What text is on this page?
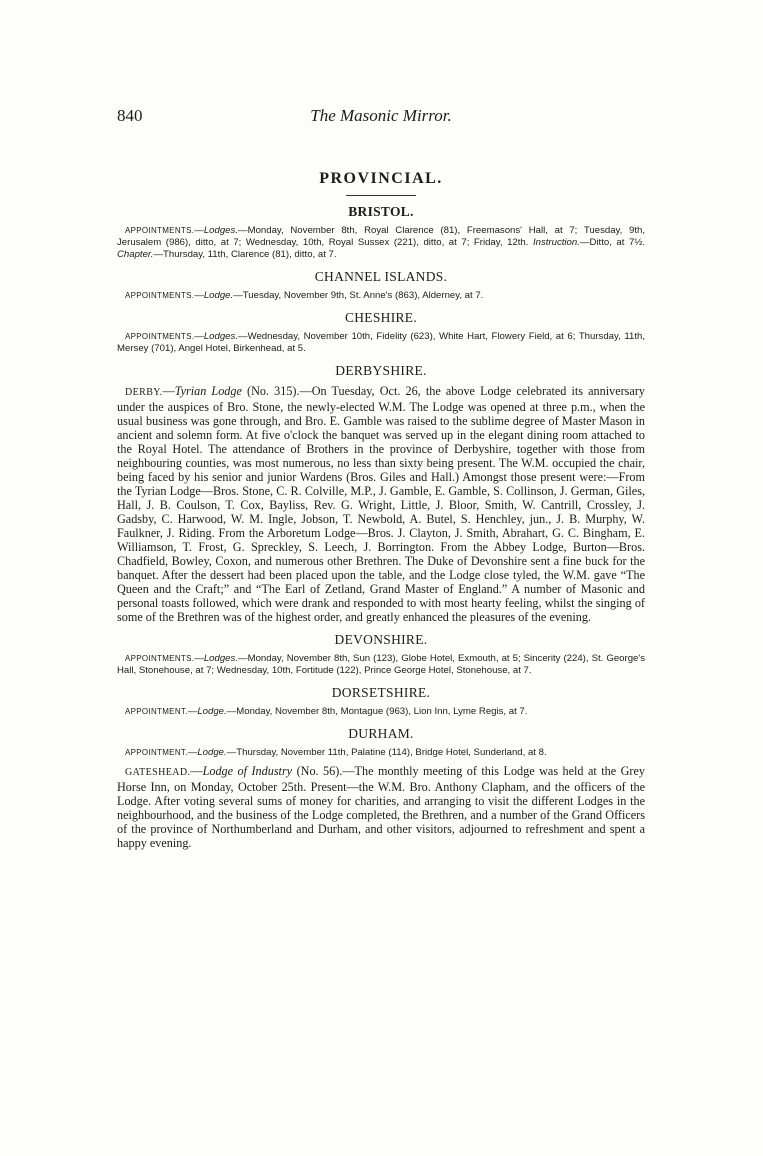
840	The Masonic Mirror.
PROVINCIAL.
BRISTOL.

APPOINTMENTS.—Lodges.—Monday, November 8th, Royal Clarence (81), Freemasons' Hall, at 7; Tuesday, 9th, Jerusalem (986), ditto, at 7; Wednesday, 10th, Royal Sussex (221), ditto, at 7; Friday, 12th. Instruction.—Ditto, at 7½. Chapter.—Thursday, 11th, Clarence (81), ditto, at 7.

CHANNEL ISLANDS.

APPOINTMENTS.—Lodge.—Tuesday, November 9th, St. Anne's (863), Alderney, at 7.

CHESHIRE.

APPOINTMENTS.—Lodges.—Wednesday, November 10th, Fidelity (623), White Hart, Flowery Field, at 6; Thursday, 11th, Mersey (701), Angel Hotel, Birkenhead, at 5.

DERBYSHIRE.

DERBY.—Tyrian Lodge (No. 315).—On Tuesday, Oct. 26, the above Lodge celebrated its anniversary under the auspices of Bro. Stone, the newly-elected W.M. The Lodge was opened at three p.m., when the usual business was gone through, and Bro. E. Gamble was raised to the sublime degree of Master Mason in ancient and solemn form. At five o'clock the banquet was served up in the elegant dining room attached to the Royal Hotel. The attendance of Brothers in the province of Derbyshire, together with those from neighbouring counties, was most numerous, no less than sixty being present. The W.M. occupied the chair, being faced by his senior and junior Wardens (Bros. Giles and Hall.) Amongst those present were:—From the Tyrian Lodge—Bros. Stone, C. R. Colville, M.P., J. Gamble, E. Gamble, S. Collinson, J. German, Giles, Hall, J. B. Coulson, T. Cox, Bayliss, Rev. G. Wright, Little, J. Bloor, Smith, W. Cantrill, Crossley, J. Gadsby, C. Harwood, W. M. Ingle, Jobson, T. Newbold, A. Butel, S. Henchley, jun., J. B. Murphy, W. Faulkner, J. Riding. From the Arboretum Lodge—Bros. J. Clayton, J. Smith, Abrahart, G. C. Bingham, E. Williamson, T. Frost, G. Spreckley, S. Leech, J. Borrington. From the Abbey Lodge, Burton—Bros. Chadfield, Bowley, Coxon, and numerous other Brethren. The Duke of Devonshire sent a fine buck for the banquet. After the dessert had been placed upon the table, and the Lodge close tyled, the W.M. gave “The Queen and the Craft;” and “The Earl of Zetland, Grand Master of England.” A number of Masonic and personal toasts followed, which were drank and responded to with most hearty feeling, whilst the singing of some of the Brethren was of the highest order, and greatly enhanced the pleasures of the evening.

DEVONSHIRE.

APPOINTMENTS.—Lodges.—Monday, November 8th, Sun (123), Globe Hotel, Exmouth, at 5; Sincerity (224), St. George's Hall, Stonehouse, at 7; Wednesday, 10th, Fortitude (122), Prince George Hotel, Stonehouse, at 7.

DORSETSHIRE.

APPOINTMENT.—Lodge.—Monday, November 8th, Montague (963), Lion Inn, Lyme Regis, at 7.

DURHAM.

APPOINTMENT.—Lodge.—Thursday, November 11th, Palatine (114), Bridge Hotel, Sunderland, at 8.

GATESHEAD.—Lodge of Industry (No. 56).—The monthly meeting of this Lodge was held at the Grey Horse Inn, on Monday, October 25th. Present—the W.M. Bro. Anthony Clapham, and the officers of the Lodge. After voting several sums of money for charities, and arranging to visit the different Lodges in the neighbourhood, and the business of the Lodge completed, the Brethren, and a number of the Grand Officers of the province of Northumberland and Durham, and other visitors, adjourned to refreshment and spent a happy evening.
